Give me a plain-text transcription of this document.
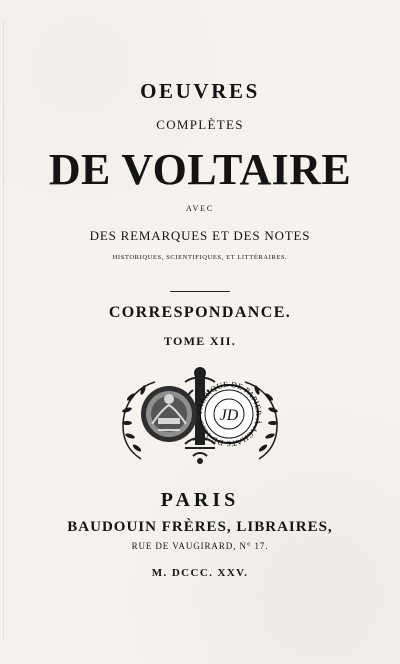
OEUVRES
COMPLÈTES
DE VOLTAIRE
AVEC
DES REMARQUES ET DES NOTES
HISTORIQUES, SCIENTIFIQUES, ET LITTÉRAIRES.
CORRESPONDANCE.
TOME XII.
FABRIQUE DE PAPIER À ACHATS DE 1823 JD
PARIS
BAUDOUIN FRÈRES, LIBRAIRES,
RUE DE VAUGIRARD, N° 17.
M. DCCC. XXV.
